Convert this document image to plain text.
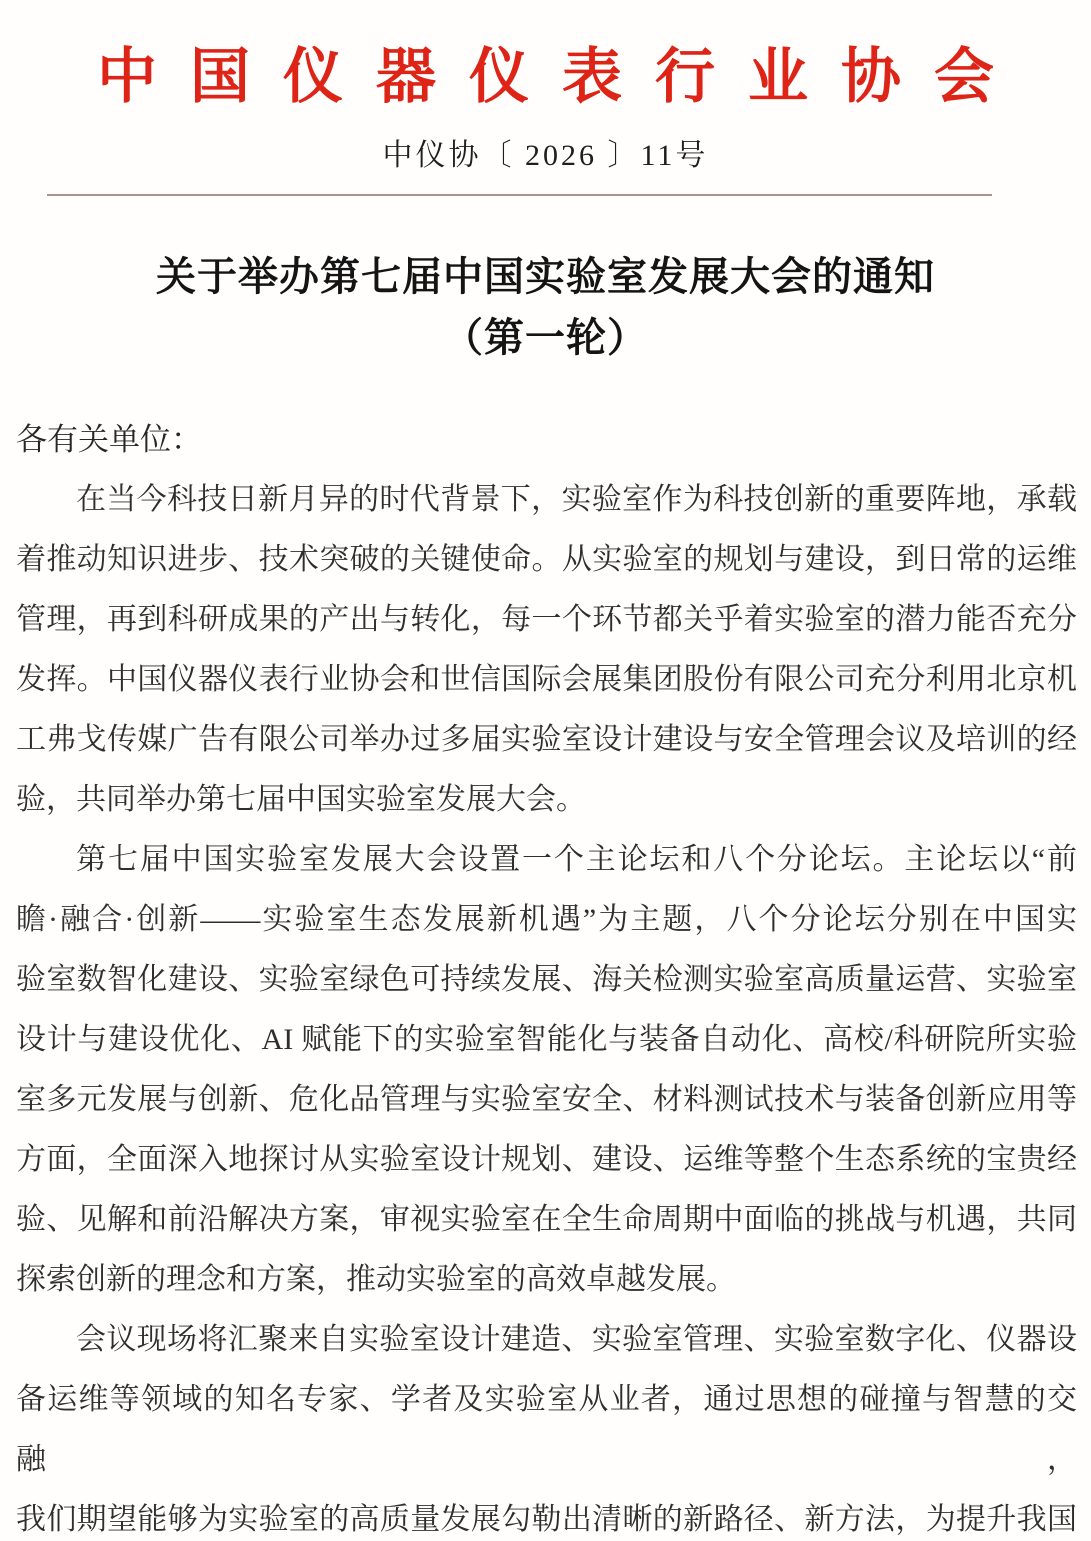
中国仪器仪表行业协会
中仪协〔 2026 〕11号
关于举办第七届中国实验室发展大会的通知
（第一轮）
各有关单位：
在当今科技日新月异的时代背景下，实验室作为科技创新的重要阵地，承载
着推动知识进步、技术突破的关键使命。从实验室的规划与建设，到日常的运维
管理，再到科研成果的产出与转化，每一个环节都关乎着实验室的潜力能否充分
发挥。中国仪器仪表行业协会和世信国际会展集团股份有限公司充分利用北京机
工弗戈传媒广告有限公司举办过多届实验室设计建设与安全管理会议及培训的经
验，共同举办第七届中国实验室发展大会。
第七届中国实验室发展大会设置一个主论坛和八个分论坛。主论坛以“前
瞻·融合·创新——实验室生态发展新机遇”为主题，八个分论坛分别在中国实
验室数智化建设、实验室绿色可持续发展、海关检测实验室高质量运营、实验室
设计与建设优化、AI 赋能下的实验室智能化与装备自动化、高校/科研院所实验
室多元发展与创新、危化品管理与实验室安全、材料测试技术与装备创新应用等
方面，全面深入地探讨从实验室设计规划、建设、运维等整个生态系统的宝贵经
验、见解和前沿解决方案，审视实验室在全生命周期中面临的挑战与机遇，共同
探索创新的理念和方案，推动实验室的高效卓越发展。
会议现场将汇聚来自实验室设计建造、实验室管理、实验室数字化、仪器设
备运维等领域的知名专家、学者及实验室从业者，通过思想的碰撞与智慧的交融，
我们期望能够为实验室的高质量发展勾勒出清晰的新路径、新方法，为提升我国
